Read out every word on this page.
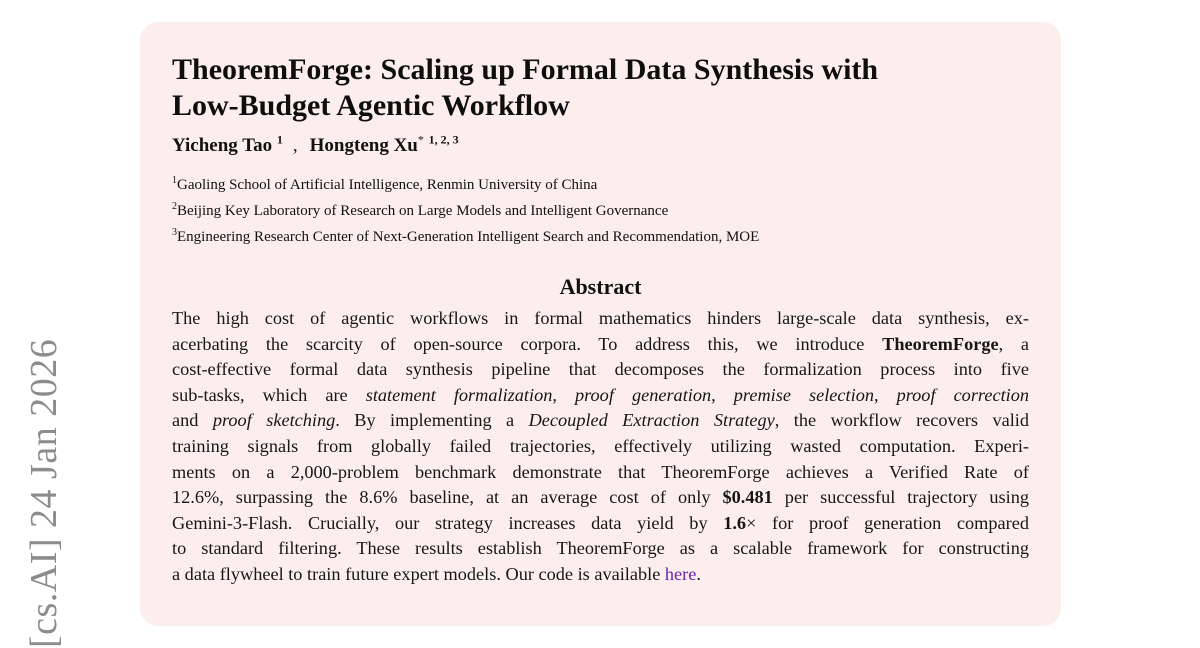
[cs.AI] 24 Jan 2026
TheoremForge: Scaling up Formal Data Synthesis with
Low-Budget Agentic Workflow
Yicheng Tao $^1$ , Hongteng Xu* $^{1, 2, 3}$
$^1$Gaoling School of Artificial Intelligence, Renmin University of China
$^2$Beijing Key Laboratory of Research on Large Models and Intelligent Governance
$^3$Engineering Research Center of Next-Generation Intelligent Search and Recommendation, MOE
Abstract
The high cost of agentic workflows in formal mathematics hinders large-scale data synthesis, ex-
acerbating the scarcity of open-source corpora. To address this, we introduce TheoremForge, a
cost-effective formal data synthesis pipeline that decomposes the formalization process into five
sub-tasks, which are statement formalization, proof generation, premise selection, proof correction
and proof sketching. By implementing a Decoupled Extraction Strategy, the workflow recovers valid
training signals from globally failed trajectories, effectively utilizing wasted computation. Experi-
ments on a 2,000-problem benchmark demonstrate that TheoremForge achieves a Verified Rate of
12.6%, surpassing the 8.6% baseline, at an average cost of only $0.481 per successful trajectory using
Gemini-3-Flash. Crucially, our strategy increases data yield by 1.6× for proof generation compared
to standard filtering. These results establish TheoremForge as a scalable framework for constructing
a data flywheel to train future expert models. Our code is available here.
